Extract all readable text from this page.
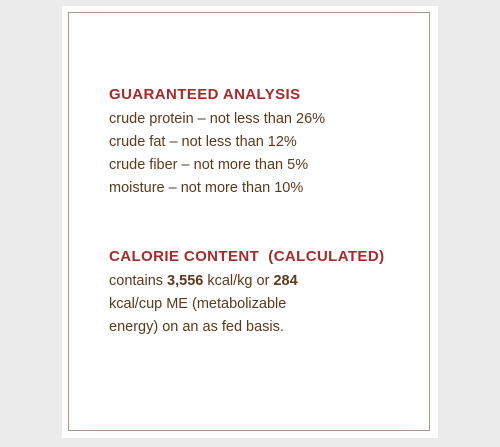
GUARANTEED ANALYSIS
crude protein – not less than 26%
crude fat – not less than 12%
crude fiber – not more than 5%
moisture – not more than 10%
CALORIE CONTENT  (CALCULATED)
contains 3,556 kcal/kg or 284
kcal/cup ME (metabolizable
energy) on an as fed basis.
